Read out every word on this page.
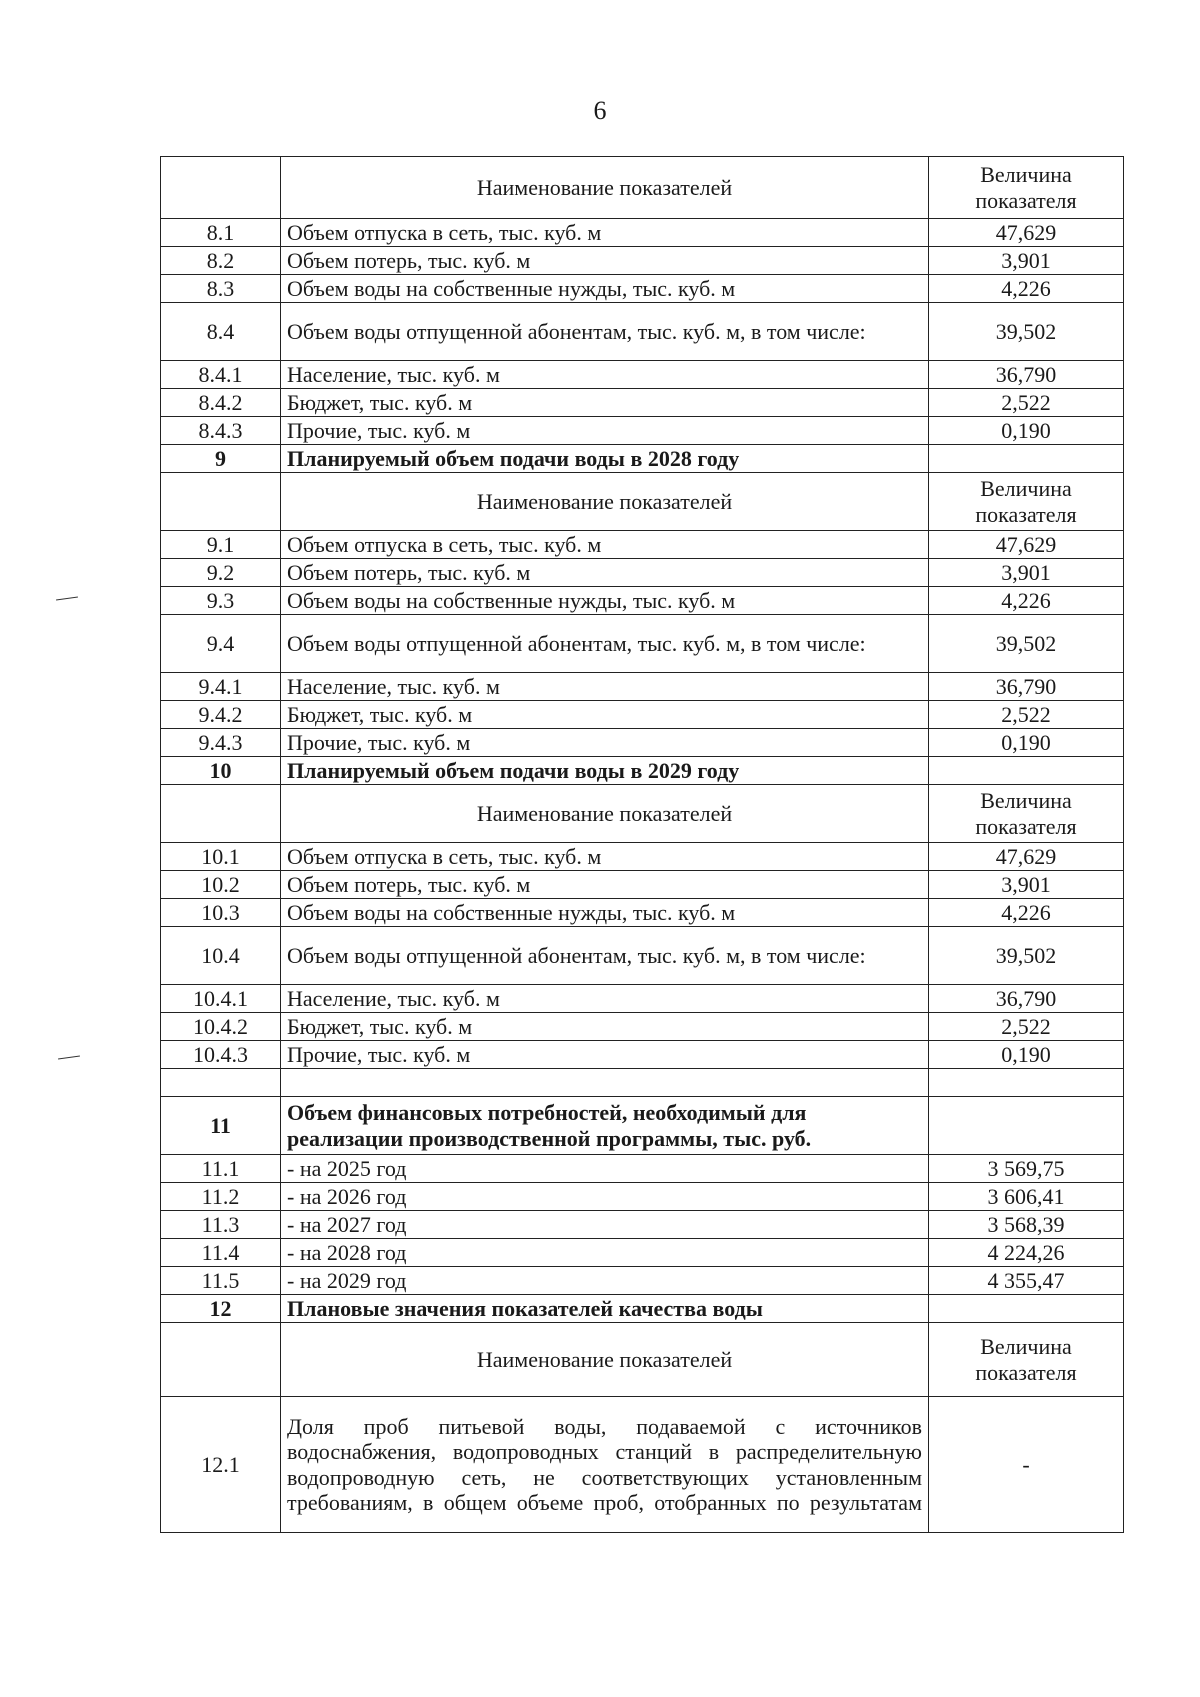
6
	Наименование показателей	Величина показателя
8.1	Объем отпуска в сеть, тыс. куб. м	47,629
8.2	Объем потерь, тыс. куб. м	3,901
8.3	Объем воды на собственные нужды, тыс. куб. м	4,226
8.4	Объем воды отпущенной абонентам, тыс. куб. м, в том числе:	39,502
8.4.1	Население, тыс. куб. м	36,790
8.4.2	Бюджет, тыс. куб. м	2,522
8.4.3	Прочие, тыс. куб. м	0,190
9	Планируемый объем подачи воды в 2028 году	
	Наименование показателей	Величина показателя
9.1	Объем отпуска в сеть, тыс. куб. м	47,629
9.2	Объем потерь, тыс. куб. м	3,901
9.3	Объем воды на собственные нужды, тыс. куб. м	4,226
9.4	Объем воды отпущенной абонентам, тыс. куб. м, в том числе:	39,502
9.4.1	Население, тыс. куб. м	36,790
9.4.2	Бюджет, тыс. куб. м	2,522
9.4.3	Прочие, тыс. куб. м	0,190
10	Планируемый объем подачи воды в 2029 году	
	Наименование показателей	Величина показателя
10.1	Объем отпуска в сеть, тыс. куб. м	47,629
10.2	Объем потерь, тыс. куб. м	3,901
10.3	Объем воды на собственные нужды, тыс. куб. м	4,226
10.4	Объем воды отпущенной абонентам, тыс. куб. м, в том числе:	39,502
10.4.1	Население, тыс. куб. м	36,790
10.4.2	Бюджет, тыс. куб. м	2,522
10.4.3	Прочие, тыс. куб. м	0,190

11	Объем финансовых потребностей, необходимый для реализации производственной программы, тыс. руб.	
11.1	- на 2025 год	3 569,75
11.2	- на 2026 год	3 606,41
11.3	- на 2027 год	3 568,39
11.4	- на 2028 год	4 224,26
11.5	- на 2029 год	4 355,47
12	Плановые значения показателей качества воды	
	Наименование показателей	Величина показателя
12.1	Доля проб питьевой воды, подаваемой с источников водоснабжения, водопроводных станций в распределительную водопроводную сеть, не соответствующих установленным требованиям, в общем объеме проб, отобранных по результатам	-
